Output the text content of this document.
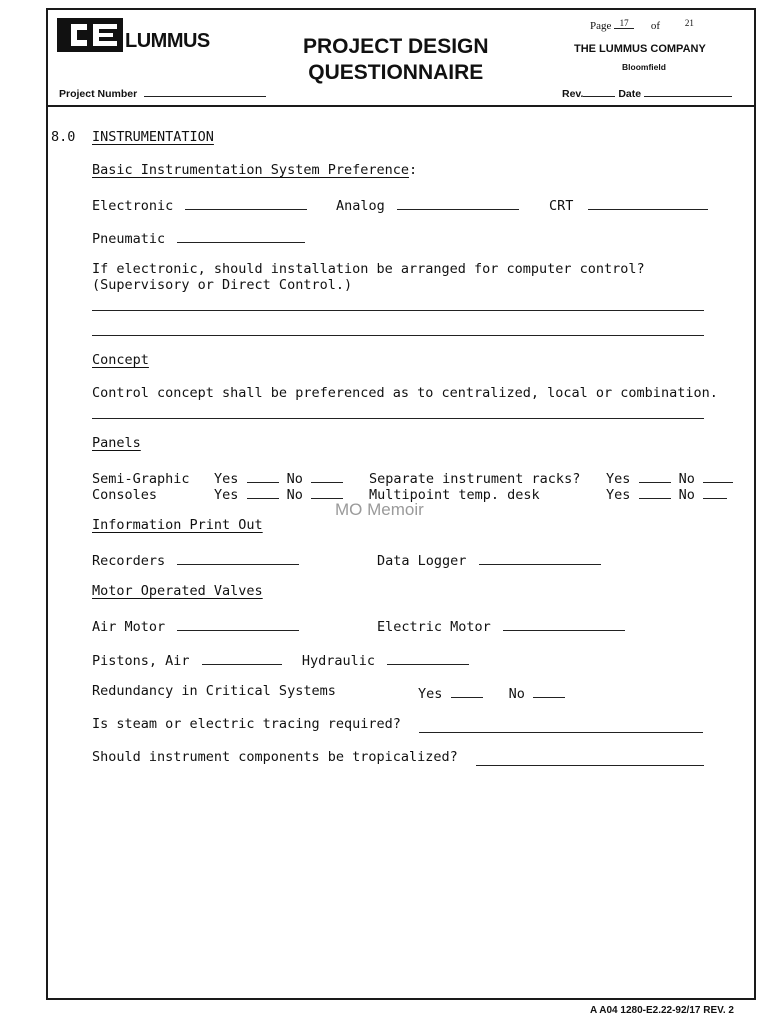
LUMMUS	PROJECT DESIGN
QUESTIONNAIRE
Page 17 of	$^{21}$
THE LUMMUS COMPANY
Bloomfield
Project Number	Rev.	Date
8.0 INSTRUMENTATION
Basic Instrumentation System Preference:
Electronic	Analog	CRT
Pneumatic
If electronic, should installation be arranged for computer control?
(Supervisory or Direct Control.)
Concept
Control concept shall be preferenced as to centralized, local or combination.
Panels
Semi-Graphic Yes	No	Separate instrument racks? Yes	No
Consoles	Yes	No	Multipoint temp. desk	Yes	No
MO Memoir
Information Print Out
Recorders	Data Logger
Motor Operated Valves
Air Motor	Electric Motor
Pistons, Air	Hydraulic
Redundancy in Critical Systems	Yes	No
Is steam or electric tracing required?
Should instrument components be tropicalized?
A A04 1280-E2.22-92/17 REV. 2
